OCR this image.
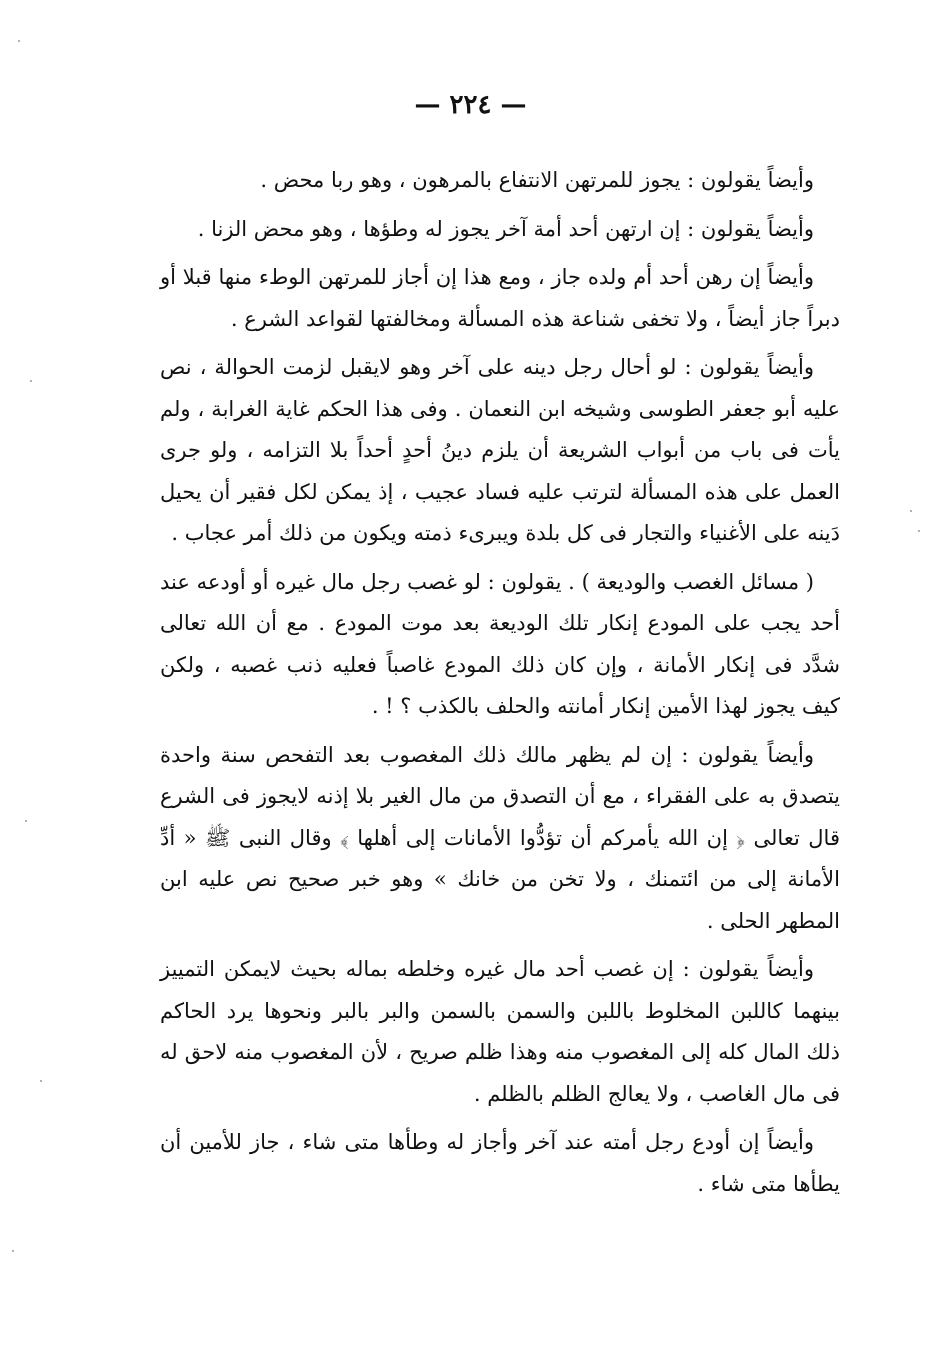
— ٢٢٤ —

وأيضاً يقولون : يجوز للمرتهن الانتفاع بالمرهون ، وهو ربا محض .

وأيضاً يقولون : إن ارتهن أحد أمة آخر يجوز له وطؤها ، وهو محض الزنا .

وأيضاً إن رهن أحد أم ولده جاز ، ومع هذا إن أجاز للمرتهن الوطء منها قبلا أو دبراً جاز أيضاً ، ولا تخفى شناعة هذه المسألة ومخالفتها لقواعد الشرع .

وأيضاً يقولون : لو أحال رجل دينه على آخر وهو لايقبل لزمت الحوالة ، نص عليه أبو جعفر الطوسى وشيخه ابن النعمان . وفى هذا الحكم غاية الغرابة ، ولم يأت فى باب من أبواب الشريعة أن يلزم دينُ أحدٍ أحداً بلا التزامه ، ولو جرى العمل على هذه المسألة لترتب عليه فساد عجيب ، إذ يمكن لكل فقير أن يحيل دَينه على الأغنياء والتجار فى كل بلدة ويبرىء ذمته ويكون من ذلك أمر عجاب .

( مسائل الغصب والوديعة ) . يقولون : لو غصب رجل مال غيره أو أودعه عند أحد يجب على المودع إنكار تلك الوديعة بعد موت المودع . مع أن الله تعالى شدَّد فى إنكار الأمانة ، وإن كان ذلك المودع غاصباً فعليه ذنب غصبه ، ولكن كيف يجوز لهذا الأمين إنكار أمانته والحلف بالكذب ؟ ! .

وأيضاً يقولون : إن لم يظهر مالك ذلك المغصوب بعد التفحص سنة واحدة يتصدق به على الفقراء ، مع أن التصدق من مال الغير بلا إذنه لايجوز فى الشرع قال تعالى ﴿ إن الله يأمركم أن تؤدُّوا الأمانات إلى أهلها ﴾ وقال النبى ﷺ « أدِّ الأمانة إلى من ائتمنك ، ولا تخن من خانك » وهو خبر صحيح نص عليه ابن المطهر الحلى .

وأيضاً يقولون : إن غصب أحد مال غيره وخلطه بماله بحيث لايمكن التمييز بينهما كاللبن المخلوط باللبن والسمن بالسمن والبر بالبر ونحوها يرد الحاكم ذلك المال كله إلى المغصوب منه وهذا ظلم صريح ، لأن المغصوب منه لاحق له فى مال الغاصب ، ولا يعالج الظلم بالظلم .

وأيضاً إن أودع رجل أمته عند آخر وأجاز له وطأها متى شاء ، جاز للأمين أن يطأها متى شاء .
